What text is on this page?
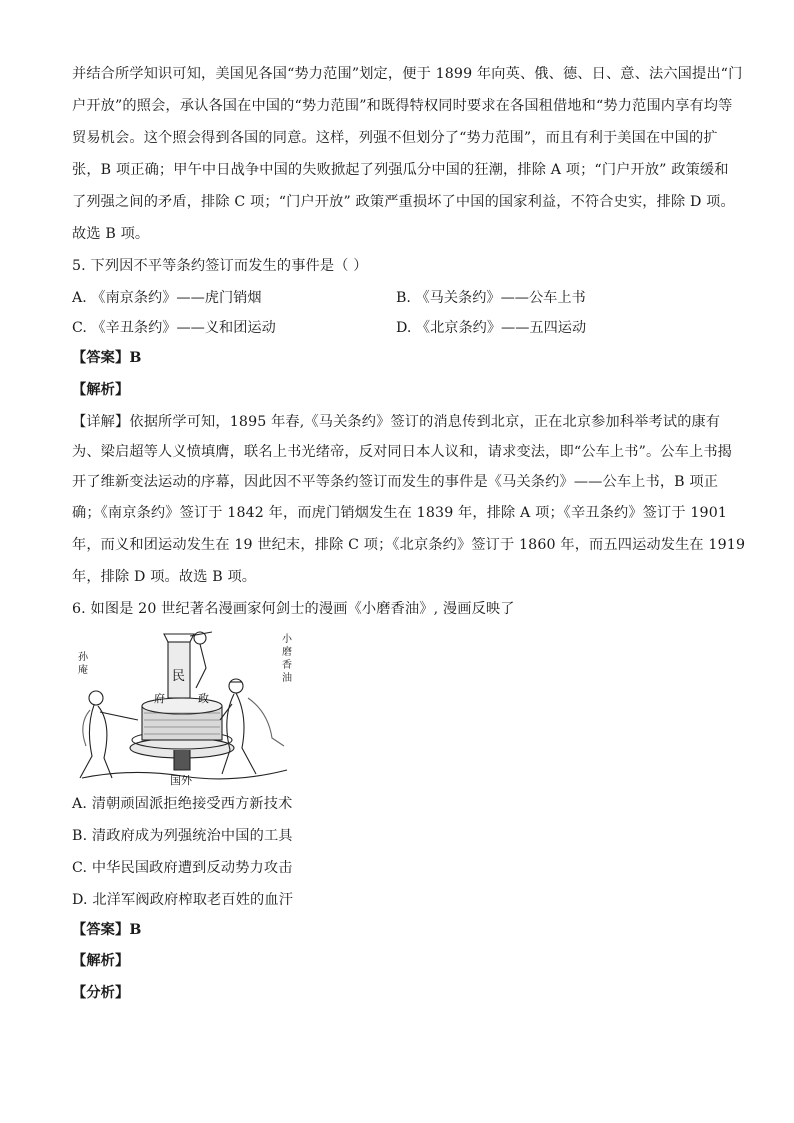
并结合所学知识可知，美国见各国“势力范围”划定，便于 1899 年向英、俄、德、日、意、法六国提出“门
户开放”的照会，承认各国在中国的“势力范围”和既得特权同时要求在各国租借地和“势力范围内享有均等
贸易机会。这个照会得到各国的同意。这样，列强不但划分了“势力范围”，而且有利于美国在中国的扩
张，B 项正确；甲午中日战争中国的失败掀起了列强瓜分中国的狂潮，排除 A 项；“门户开放” 政策缓和
了列强之间的矛盾，排除 C 项；“门户开放” 政策严重损坏了中国的国家利益，不符合史实，排除 D 项。
故选 B 项。
5. 下列因不平等条约签订而发生的事件是（ ）
A. 《南京条约》——虎门销烟	B. 《马关条约》——公车上书
C. 《辛丑条约》——义和团运动	D. 《北京条约》——五四运动
【答案】B
【解析】
【详解】依据所学可知，1895 年春,《马关条约》签订的消息传到北京，正在北京参加科举考试的康有
为、梁启超等人义愤填膺，联名上书光绪帝，反对同日本人议和，请求变法，即“公车上书”。公车上书揭
开了维新变法运动的序幕，因此因不平等条约签订而发生的事件是《马关条约》——公车上书，B 项正
确；《南京条约》签订于 1842 年，而虎门销烟发生在 1839 年，排除 A 项；《辛丑条约》签订于 1901
年，而义和团运动发生在 19 世纪末，排除 C 项；《北京条约》签订于 1860 年，而五四运动发生在 1919
年，排除 D 项。故选 B 项。
6. 如图是 20 世纪著名漫画家何剑士的漫画《小磨香油》, 漫画反映了
小
磨
香
油
孙
庵	民
府	政
国外
A. 清朝顽固派拒绝接受西方新技术
B. 清政府成为列强统治中国的工具
C. 中华民国政府遭到反动势力攻击
D. 北洋军阀政府榨取老百姓的血汗
【答案】B
【解析】
【分析】
